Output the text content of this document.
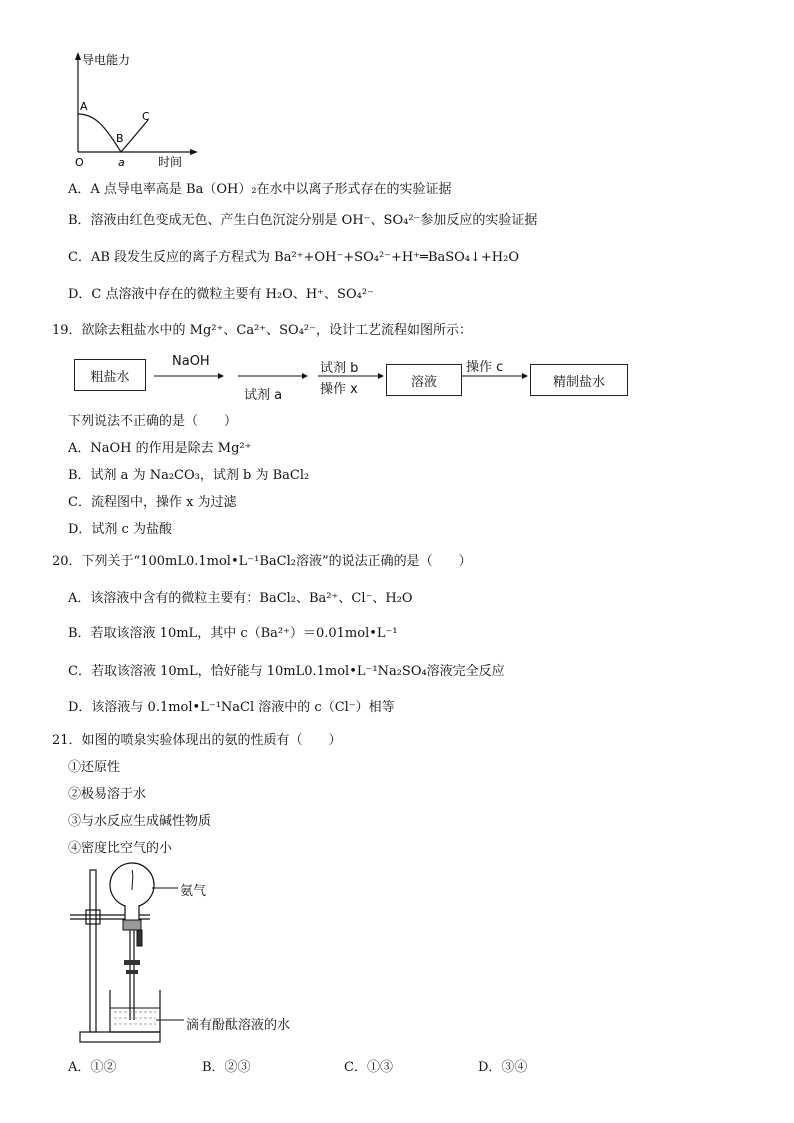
导电能力
A
B
C
O	a	时间
A．A 点导电率高是 Ba（OH）₂在水中以离子形式存在的实验证据
B．溶液由红色变成无色、产生白色沉淀分别是 OH⁻、SO₄²⁻参加反应的实验证据
C．AB 段发生反应的离子方程式为 Ba²⁺+OH⁻+SO₄²⁻+H⁺═BaSO₄↓+H₂O
D．C 点溶液中存在的微粒主要有 H₂O、H⁺、SO₄²⁻
19．欲除去粗盐水中的 Mg²⁺、Ca²⁺、SO₄²⁻，设计工艺流程如图所示：
粗盐水
NaOH
试剂 a
试剂 b
操作 x	溶液
操作 c
精制盐水
下列说法不正确的是（　　）
A．NaOH 的作用是除去 Mg²⁺
B．试剂 a 为 Na₂CO₃，试剂 b 为 BaCl₂
C．流程图中，操作 x 为过滤
D．试剂 c 为盐酸
20．下列关于“100mL0.1mol•L⁻¹BaCl₂溶液”的说法正确的是（　　）
A．该溶液中含有的微粒主要有：BaCl₂、Ba²⁺、Cl⁻、H₂O
B．若取该溶液 10mL，其中 c（Ba²⁺）＝0.01mol•L⁻¹
C．若取该溶液 10mL，恰好能与 10mL0.1mol•L⁻¹Na₂SO₄溶液完全反应
D．该溶液与 0.1mol•L⁻¹NaCl 溶液中的 c（Cl⁻）相等
21．如图的喷泉实验体现出的氨的性质有（　　）
①还原性
②极易溶于水
③与水反应生成碱性物质
④密度比空气的小
氨气
滴有酚酞溶液的水
A．①②	B．②③	C．①③	D．③④
